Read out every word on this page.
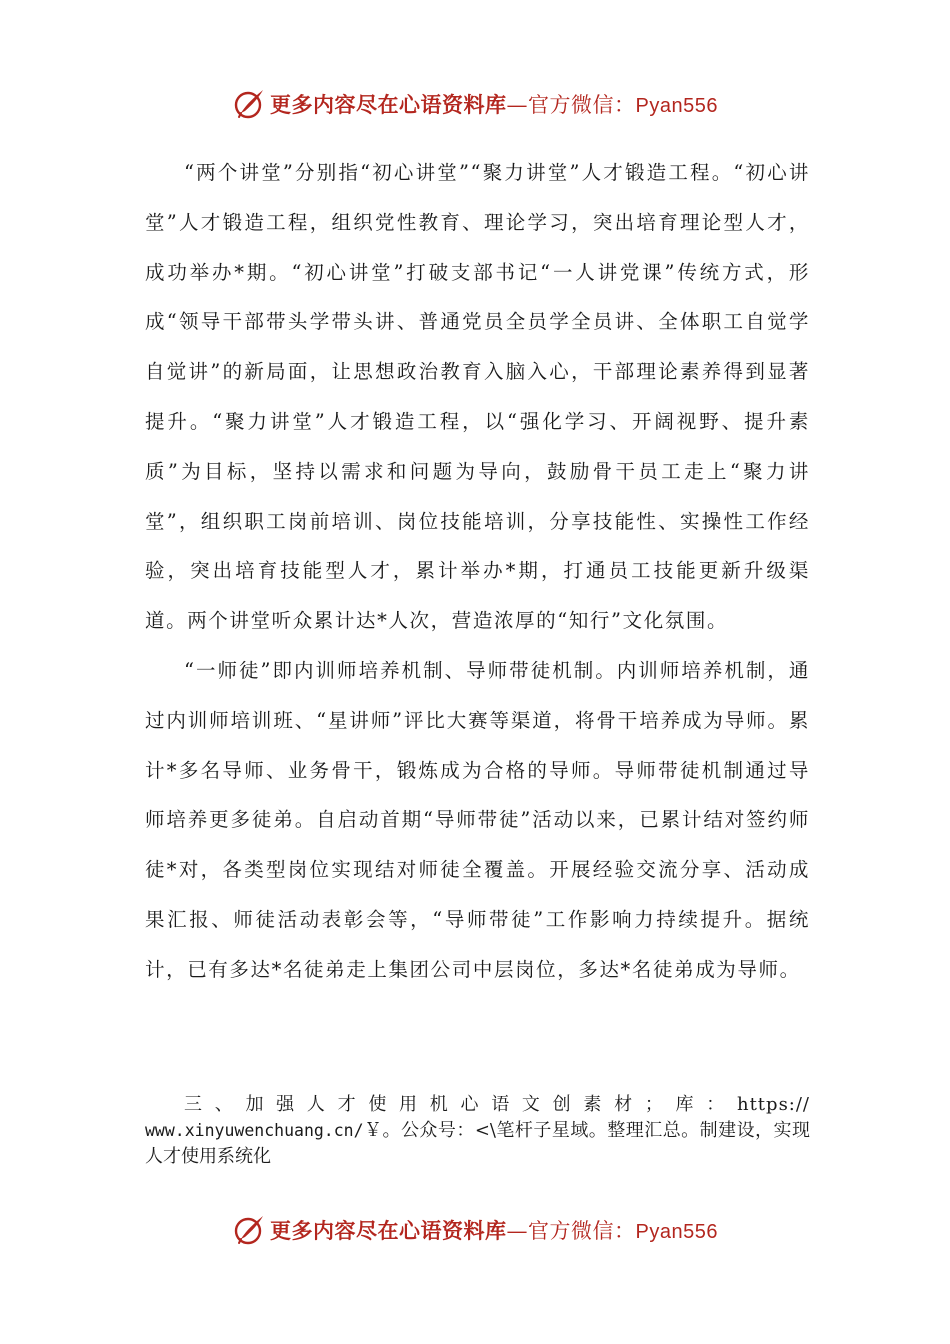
更多内容尽在心语资料库 — 官方微信： Pyan556

“两个讲堂”分别指“初心讲堂”“聚力讲堂”人才锻造工程。“初心讲堂”人才锻造工程，组织党性教育、理论学习，突出培育理论型人才，成功举办*期。“初心讲堂”打破支部书记“一人讲党课”传统方式，形成“领导干部带头学带头讲、普通党员全员学全员讲、全体职工自觉学自觉讲”的新局面，让思想政治教育入脑入心，干部理论素养得到显著提升。“聚力讲堂”人才锻造工程，以“强化学习、开阔视野、提升素质”为目标，坚持以需求和问题为导向，鼓励骨干员工走上“聚力讲堂”，组织职工岗前培训、岗位技能培训，分享技能性、实操性工作经验，突出培育技能型人才，累计举办*期，打通员工技能更新升级渠道。两个讲堂听众累计达*人次，营造浓厚的“知行”文化氛围。

“一师徒”即内训师培养机制、导师带徒机制。内训师培养机制，通过内训师培训班、“星讲师”评比大赛等渠道，将骨干培养成为导师。累计*多名导师、业务骨干，锻炼成为合格的导师。导师带徒机制通过导师培养更多徒弟。自启动首期“导师带徒”活动以来，已累计结对签约师徒*对，各类型岗位实现结对师徒全覆盖。开展经验交流分享、活动成果汇报、师徒活动表彰会等，“导师带徒”工作影响力持续提升。据统计，已有多达*名徒弟走上集团公司中层岗位，多达*名徒弟成为导师。

三、加强人才使用机心语文创素材；库：https://
www.xinyuwenchuang.cn/￥。公众号：<\笔杆子星域。整理汇总。制建设，实现人才使用系统化
更多内容尽在心语资料库 — 官方微信： Pyan556
